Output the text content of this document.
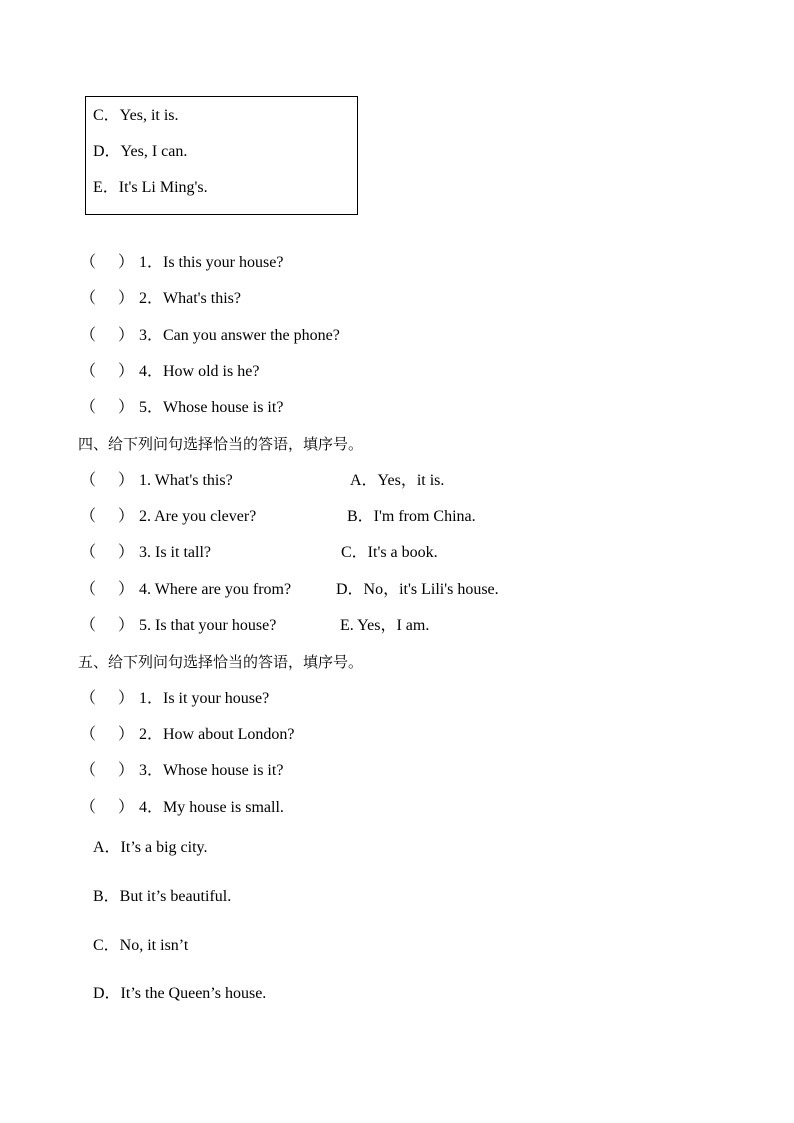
C．Yes, it is.
D．Yes, I can.
E．It's Li Ming's.
（ ） 1．Is this your house?
（ ） 2．What's this?
（ ） 3．Can you answer the phone?
（ ） 4．How old is he?
（ ） 5．Whose house is it?
四、给下列问句选择恰当的答语，填序号。
（ ） 1. What's this?	A．Yes，it is.
（ ） 2. Are you clever?	B．I'm from China.
（ ） 3. Is it tall?	C．It's a book.
（ ） 4. Where are you from?	D．No，it's Lili's house.
（ ） 5. Is that your house?	E. Yes，I am.
五、给下列问句选择恰当的答语，填序号。
（ ） 1．Is it your house?
（ ） 2．How about London?
（ ） 3．Whose house is it?
（ ） 4．My house is small.
A．It’s a big city.
B．But it’s beautiful.
C．No, it isn’t
D．It’s the Queen’s house.
